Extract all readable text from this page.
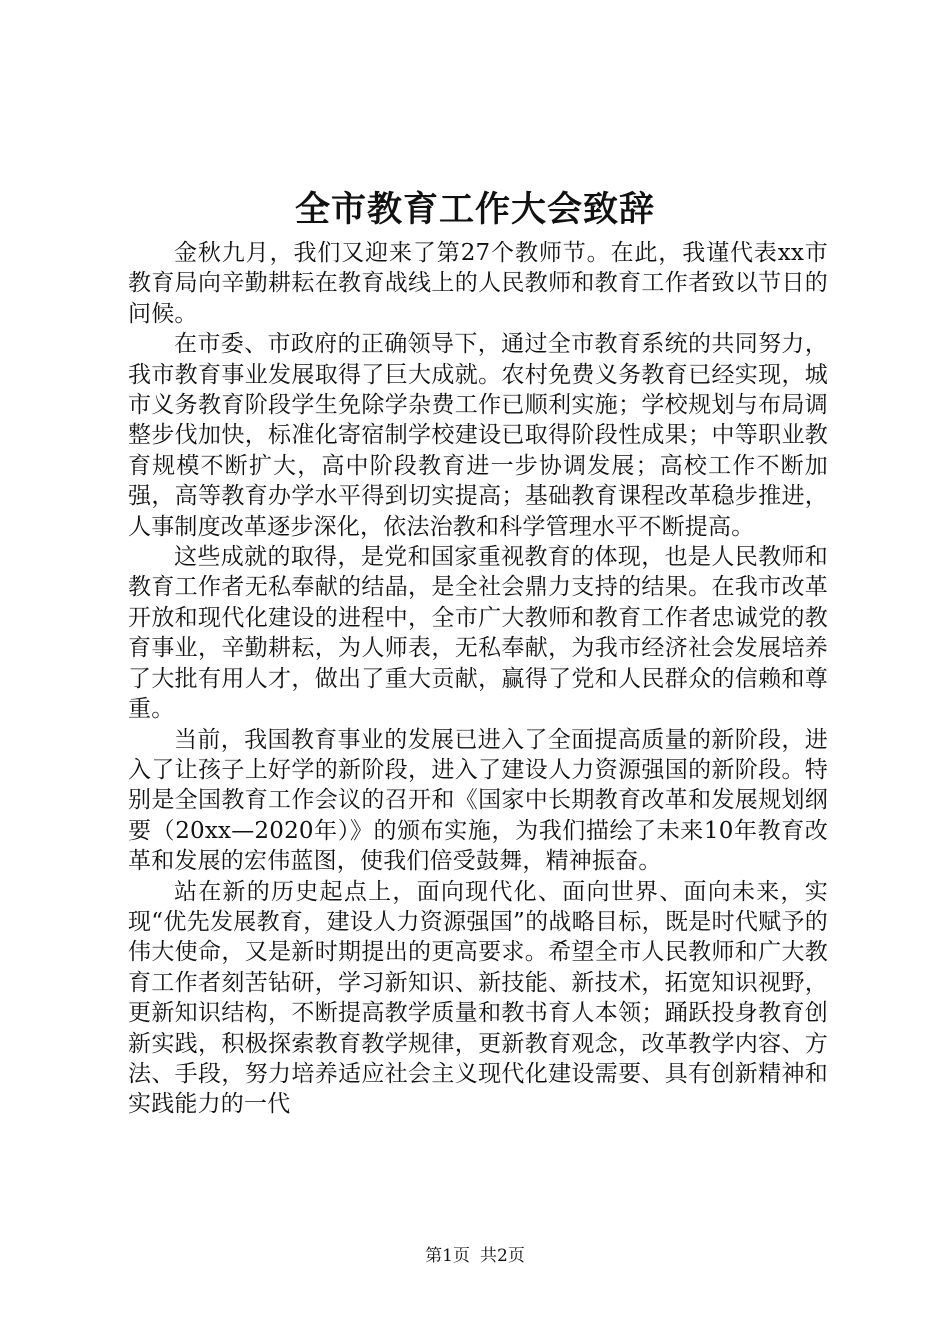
全市教育工作大会致辞

金秋九月，我们又迎来了第27个教师节。在此，我谨代表xx市教育局向辛勤耕耘在教育战线上的人民教师和教育工作者致以节日的问候。

在市委、市政府的正确领导下，通过全市教育系统的共同努力，我市教育事业发展取得了巨大成就。农村免费义务教育已经实现，城市义务教育阶段学生免除学杂费工作已顺利实施；学校规划与布局调整步伐加快，标准化寄宿制学校建设已取得阶段性成果；中等职业教育规模不断扩大，高中阶段教育进一步协调发展；高校工作不断加强，高等教育办学水平得到切实提高；基础教育课程改革稳步推进，人事制度改革逐步深化，依法治教和科学管理水平不断提高。

这些成就的取得，是党和国家重视教育的体现，也是人民教师和教育工作者无私奉献的结晶，是全社会鼎力支持的结果。在我市改革开放和现代化建设的进程中，全市广大教师和教育工作者忠诚党的教育事业，辛勤耕耘，为人师表，无私奉献，为我市经济社会发展培养了大批有用人才，做出了重大贡献，赢得了党和人民群众的信赖和尊重。

当前，我国教育事业的发展已进入了全面提高质量的新阶段，进入了让孩子上好学的新阶段，进入了建设人力资源强国的新阶段。特别是全国教育工作会议的召开和《国家中长期教育改革和发展规划纲要（20xx—2020年）》的颁布实施，为我们描绘了未来10年教育改革和发展的宏伟蓝图，使我们倍受鼓舞，精神振奋。

站在新的历史起点上，面向现代化、面向世界、面向未来，实现“优先发展教育，建设人力资源强国”的战略目标，既是时代赋予的伟大使命，又是新时期提出的更高要求。希望全市人民教师和广大教育工作者刻苦钻研，学习新知识、新技能、新技术，拓宽知识视野，更新知识结构，不断提高教学质量和教书育人本领；踊跃投身教育创新实践，积极探索教育教学规律，更新教育观念，改革教学内容、方法、手段，努力培养适应社会主义现代化建设需要、具有创新精神和实践能力的一代

第1页 共2页
